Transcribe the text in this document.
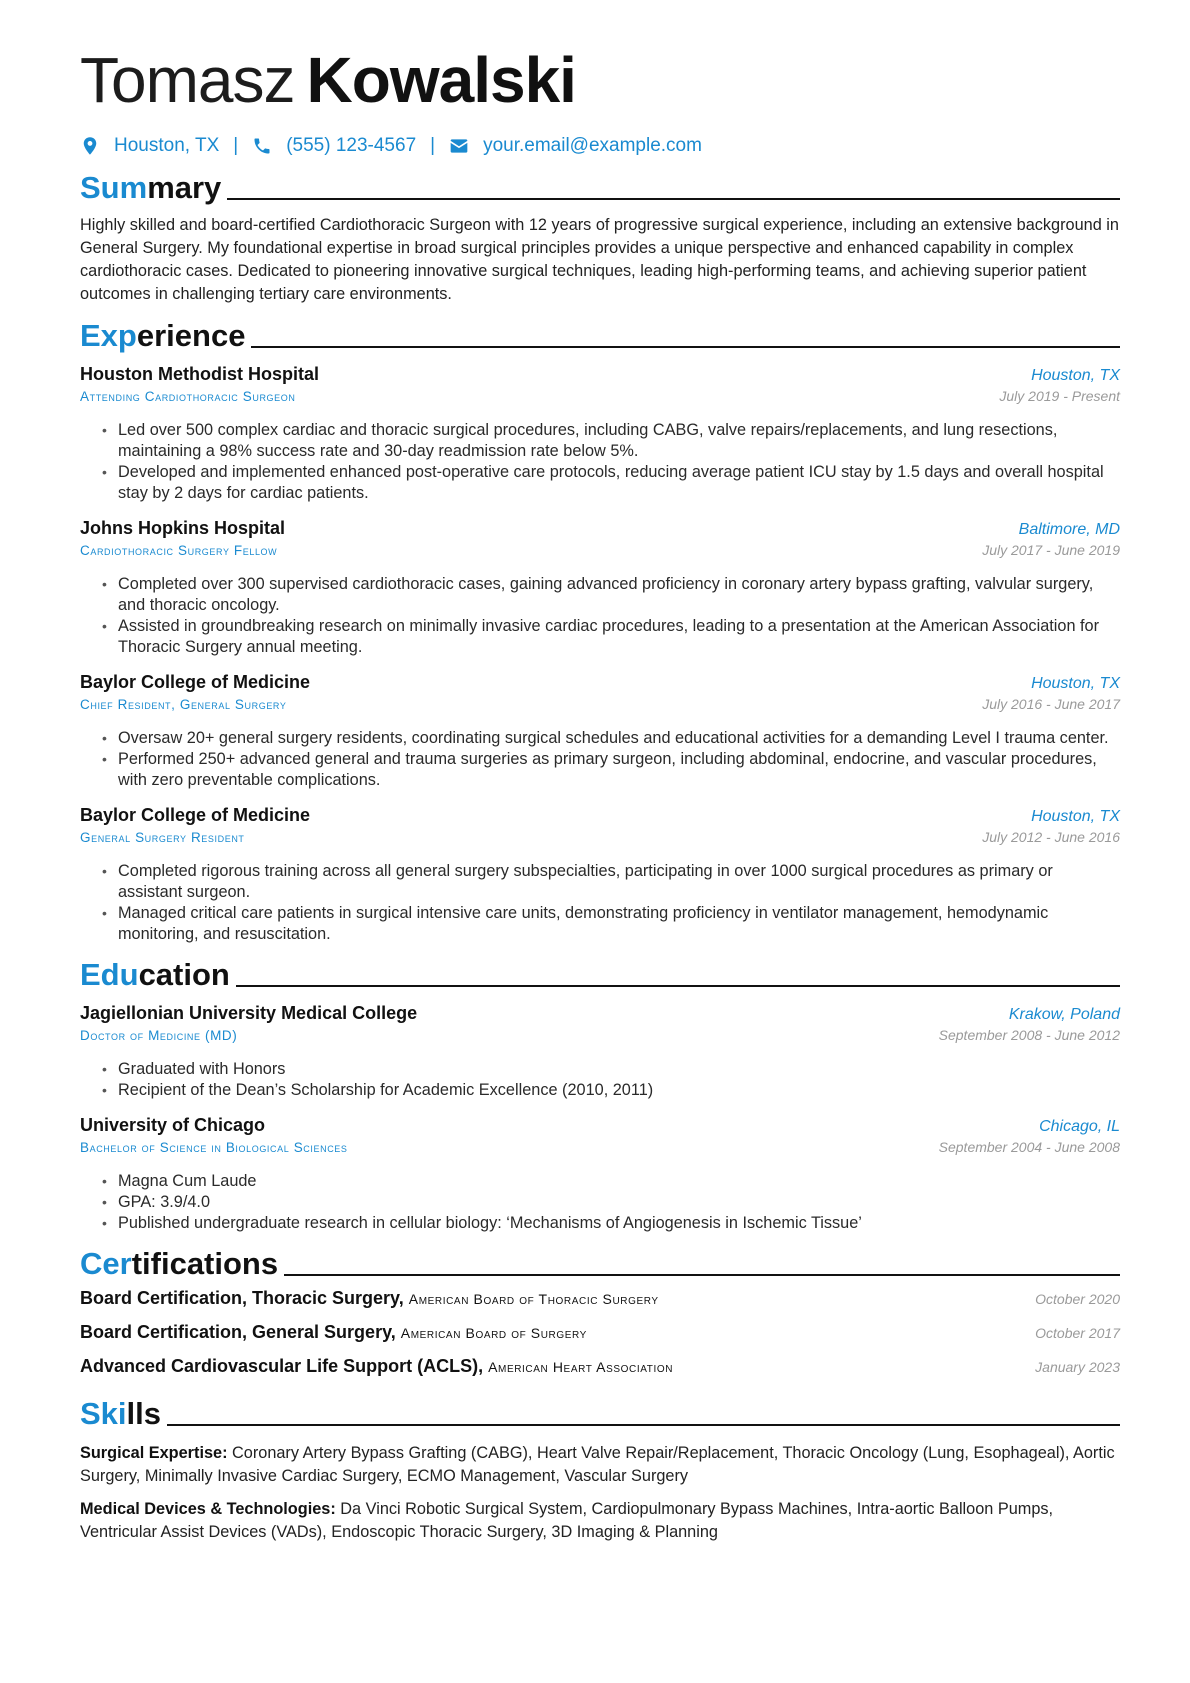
Tomasz Kowalski
Houston, TX |	(555) 123-4567 |	your.email@example.com
Summary
Highly skilled and board-certified Cardiothoracic Surgeon with 12 years of progressive surgical experience, including an extensive background in General Surgery. My foundational expertise in broad surgical principles provides a unique perspective and enhanced capability in complex cardiothoracic cases. Dedicated to pioneering innovative surgical techniques, leading high-performing teams, and achieving superior patient outcomes in challenging tertiary care environments.
Experience
Houston Methodist Hospital	Houston, TX
Attending Cardiothoracic Surgeon	July 2019 - Present
• Led over 500 complex cardiac and thoracic surgical procedures, including CABG, valve repairs/replacements, and lung resections, maintaining a 98% success rate and 30-day readmission rate below 5%.
• Developed and implemented enhanced post-operative care protocols, reducing average patient ICU stay by 1.5 days and overall hospital stay by 2 days for cardiac patients.
Johns Hopkins Hospital	Baltimore, MD
Cardiothoracic Surgery Fellow	July 2017 - June 2019
• Completed over 300 supervised cardiothoracic cases, gaining advanced proficiency in coronary artery bypass grafting, valvular surgery, and thoracic oncology.
• Assisted in groundbreaking research on minimally invasive cardiac procedures, leading to a presentation at the American Association for Thoracic Surgery annual meeting.
Baylor College of Medicine	Houston, TX
Chief Resident, General Surgery	July 2016 - June 2017
• Oversaw 20+ general surgery residents, coordinating surgical schedules and educational activities for a demanding Level I trauma center.
• Performed 250+ advanced general and trauma surgeries as primary surgeon, including abdominal, endocrine, and vascular procedures, with zero preventable complications.
Baylor College of Medicine	Houston, TX
General Surgery Resident	July 2012 - June 2016
• Completed rigorous training across all general surgery subspecialties, participating in over 1000 surgical procedures as primary or assistant surgeon.
• Managed critical care patients in surgical intensive care units, demonstrating proficiency in ventilator management, hemodynamic monitoring, and resuscitation.
Education
Jagiellonian University Medical College	Krakow, Poland
Doctor of Medicine (MD)	September 2008 - June 2012
• Graduated with Honors
• Recipient of the Dean’s Scholarship for Academic Excellence (2010, 2011)
University of Chicago	Chicago, IL
Bachelor of Science in Biological Sciences	September 2004 - June 2008
• Magna Cum Laude
• GPA: 3.9/4.0
• Published undergraduate research in cellular biology: ‘Mechanisms of Angiogenesis in Ischemic Tissue’
Certifications
Board Certification, Thoracic Surgery, American Board of Thoracic Surgery	October 2020
Board Certification, General Surgery, American Board of Surgery	October 2017
Advanced Cardiovascular Life Support (ACLS), American Heart Association	January 2023
Skills
Surgical Expertise: Coronary Artery Bypass Grafting (CABG), Heart Valve Repair/Replacement, Thoracic Oncology (Lung, Esophageal), Aortic Surgery, Minimally Invasive Cardiac Surgery, ECMO Management, Vascular Surgery
Medical Devices & Technologies: Da Vinci Robotic Surgical System, Cardiopulmonary Bypass Machines, Intra-aortic Balloon Pumps, Ventricular Assist Devices (VADs), Endoscopic Thoracic Surgery, 3D Imaging & Planning
